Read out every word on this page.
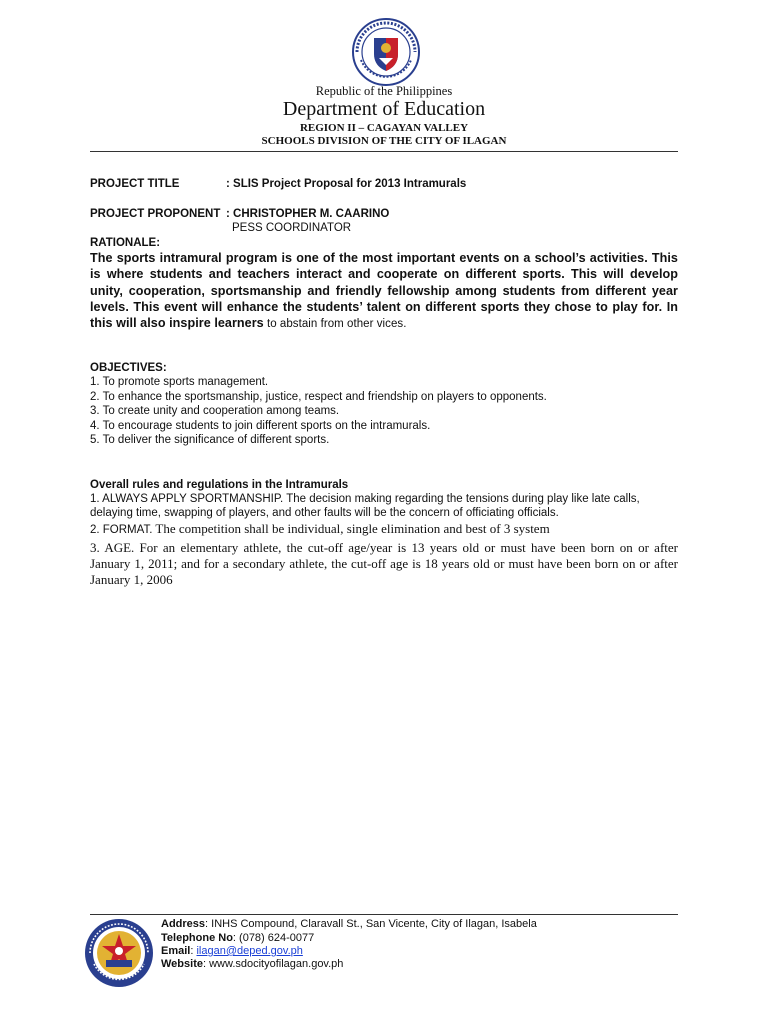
Republic of the Philippines
Department of Education
REGION II – CAGAYAN VALLEY
SCHOOLS DIVISION OF THE CITY OF ILAGAN
PROJECT TITLE	: SLIS Project Proposal for 2013 Intramurals
PROJECT PROPONENT : CHRISTOPHER M. CAARINO
PESS COORDINATOR
RATIONALE:
The sports intramural program is one of the most important events on a school’s activities. This is where students and teachers interact and cooperate on different sports. This will develop unity, cooperation, sportsmanship and friendly fellowship among students from different year levels. This event will enhance the students’ talent on different sports they chose to play for. In this will also inspire learners to abstain from other vices.
OBJECTIVES:
1. To promote sports management.
2. To enhance the sportsmanship, justice, respect and friendship on players to opponents.
3. To create unity and cooperation among teams.
4. To encourage students to join different sports on the intramurals.
5. To deliver the significance of different sports.
Overall rules and regulations in the Intramurals
1. ALWAYS APPLY SPORTMANSHIP. The decision making regarding the tensions during play like late calls, delaying time, swapping of players, and other faults will be the concern of officiating officials.
2. FORMAT. The competition shall be individual, single elimination and best of 3 system
3. AGE. For an elementary athlete, the cut-off age/year is 13 years old or must have been born on or after January 1, 2011; and for a secondary athlete, the cut-off age is 18 years old or must have been born on or after January 1, 2006
Address: INHS Compound, Claravall St., San Vicente, City of Ilagan, Isabela
Telephone No: (078) 624-0077
Email: ilagan@deped.gov.ph
Website: www.sdocityofilagan.gov.ph
